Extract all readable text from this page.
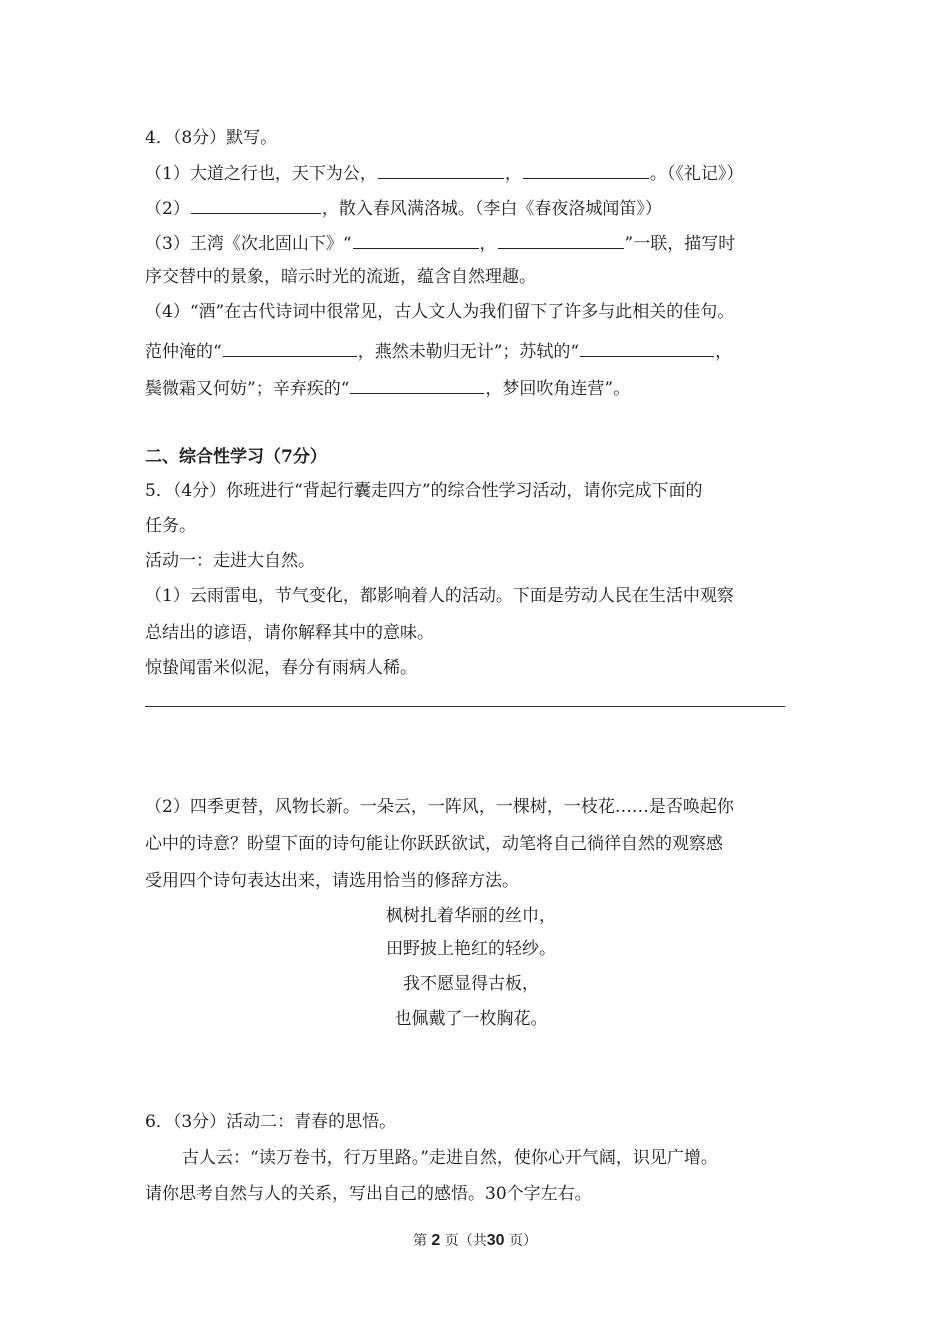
4．（8分）默写。
（1）大道之行也，天下为公，	，	。（《礼记》）
（2）	，散入春风满洛城。（李白《春夜洛城闻笛》）
（3）王湾《次北固山下》“	，	”一联，描写时
序交替中的景象，暗示时光的流逝，蕴含自然理趣。
（4）“酒”在古代诗词中很常见，古人文人为我们留下了许多与此相关的佳句。
范仲淹的“	，燕然未勒归无计”；苏轼的“	，
鬓微霜又何妨”；辛弃疾的“	，梦回吹角连营”。
二、综合性学习（7分）
5．（4分）你班进行“背起行囊走四方”的综合性学习活动，请你完成下面的
任务。
活动一：走进大自然。
（1）云雨雷电，节气变化，都影响着人的活动。下面是劳动人民在生活中观察
总结出的谚语，请你解释其中的意味。
惊蛰闻雷米似泥，春分有雨病人稀。
（2）四季更替，风物长新。一朵云，一阵风，一棵树，一枝花……是否唤起你
心中的诗意？盼望下面的诗句能让你跃跃欲试，动笔将自己徜徉自然的观察感
受用四个诗句表达出来，请选用恰当的修辞方法。
枫树扎着华丽的丝巾，
田野披上艳红的轻纱。
我不愿显得古板，
也佩戴了一枚胸花。
6．（3分）活动二：青春的思悟。
古人云：“读万卷书，行万里路。”走进自然，使你心开气阔，识见广增。
请你思考自然与人的关系，写出自己的感悟。30个字左右。
第 2 页（共30 页）
